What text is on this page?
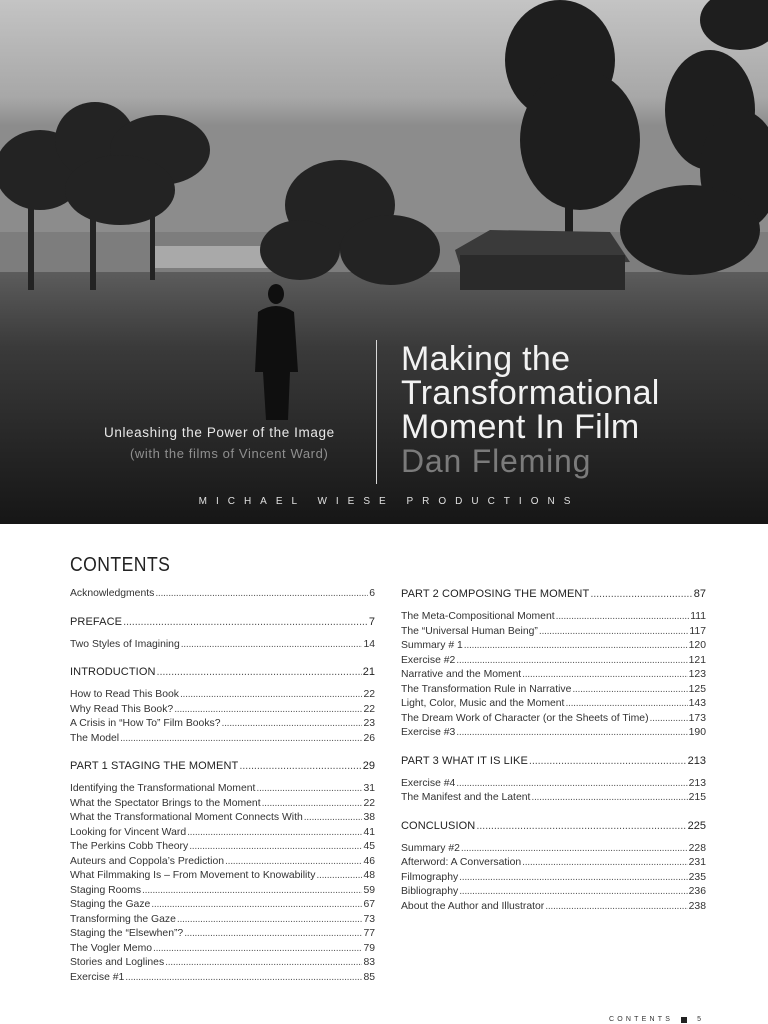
Unleashing the Power of the Image
(with the films of Vincent Ward)
Making the
Transformational
Moment In Film
Dan Fleming
MICHAEL WIESE PRODUCTIONS
CONTENTS
Acknowledgments . . .	6
PREFACE . . .	7
Two Styles of Imagining . . .	14
INTRODUCTION . . .	21
How to Read This Book . . .	22
Why Read This Book? . . .	22
A Crisis in “How To” Film Books? . . .	23
The Model . . .	26
PART 1 STAGING THE MOMENT . . .	29
Identifying the Transformational Moment . . .	31
What the Spectator Brings to the Moment . . .	22
What the Transformational Moment Connects With . . .	38
Looking for Vincent Ward . . .	41
The Perkins Cobb Theory . . .	45
Auteurs and Coppola’s Prediction . . .	46
What Filmmaking Is – From Movement to Knowability . . .	48
Staging Rooms . . .	59
Staging the Gaze . . .	67
Transforming the Gaze . . .	73
Staging the “Elsewhen”? . . .	77
The Vogler Memo . . .	79
Stories and Loglines . . .	83
Exercise #1 . . .	85
PART 2 COMPOSING THE MOMENT . . .	87
The Meta-Compositional Moment . . .	111
The “Universal Human Being” . . .	117
Summary # 1 . . .	120
Exercise #2 . . .	121
Narrative and the Moment . . .	123
The Transformation Rule in Narrative . . .	125
Light, Color, Music and the Moment . . .	143
The Dream Work of Character (or the Sheets of Time) . . .	173
Exercise #3 . . .	190
PART 3 WHAT IT IS LIKE . . .	213
Exercise #4 . . .	213
The Manifest and the Latent . . .	215
CONCLUSION . . .	225
Summary #2 . . .	228
Afterword: A Conversation . . .	231
Filmography . . .	235
Bibliography . . .	236
About the Author and Illustrator . . .	238
CONTENTS	5
